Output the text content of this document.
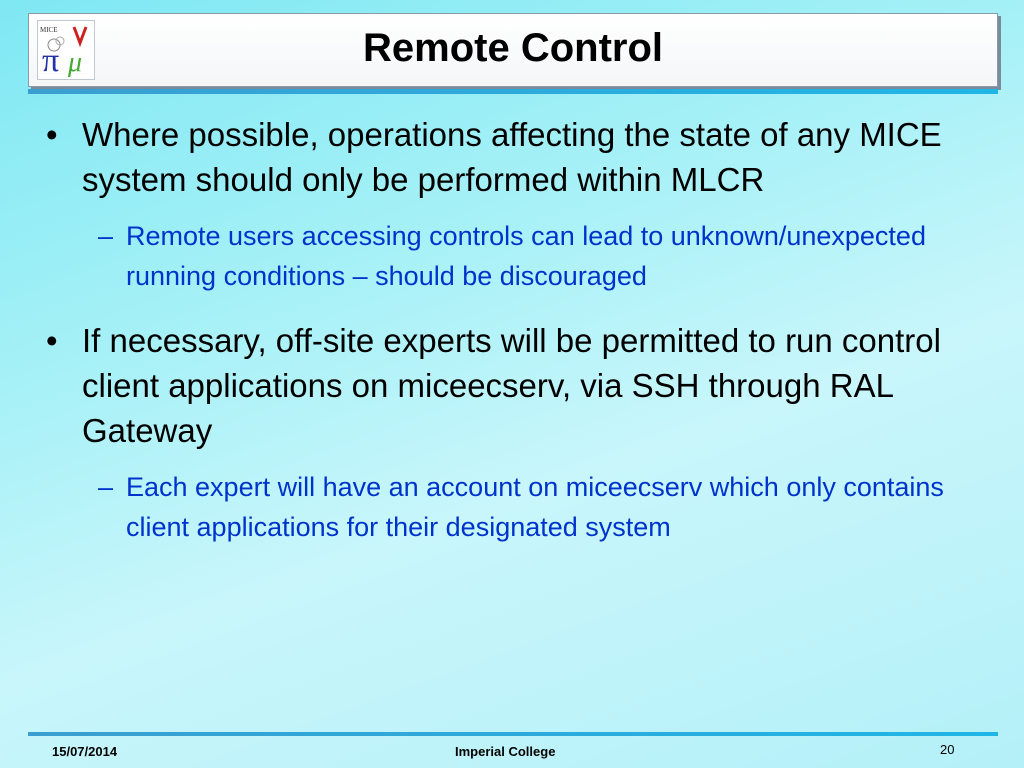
MICE
π μ	Remote Control
• Where possible, operations affecting the state of any MICE system should only be performed within MLCR
– Remote users accessing controls can lead to unknown/unexpected running conditions – should be discouraged
• If necessary, off-site experts will be permitted to run control client applications on miceecserv, via SSH through RAL Gateway
– Each expert will have an account on miceecserv which only contains client applications for their designated system
15/07/2014	Imperial College	20
